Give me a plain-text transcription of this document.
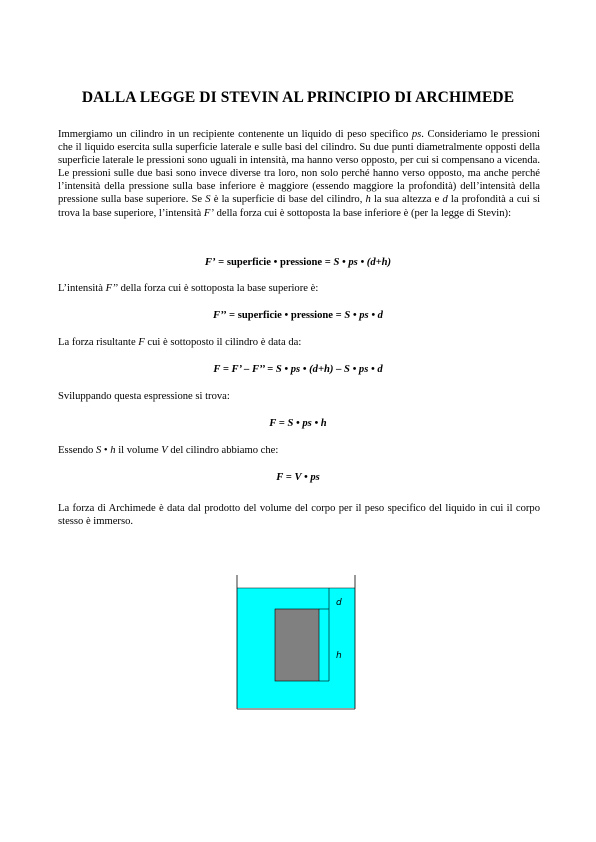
DALLA LEGGE DI STEVIN AL PRINCIPIO DI ARCHIMEDE

Immergiamo un cilindro in un recipiente contenente un liquido di peso specifico ps. Consideriamo le pressioni che il liquido esercita sulla superficie laterale e sulle basi del cilindro. Su due punti diametralmente opposti della superficie laterale le pressioni sono uguali in intensità, ma hanno verso opposto, per cui si compensano a vicenda. Le pressioni sulle due basi sono invece diverse tra loro, non solo perché hanno verso opposto, ma anche perché l’intensità della pressione sulla base inferiore è maggiore (essendo maggiore la profondità) dell’intensità della pressione sulla base superiore. Se S è la superficie di base del cilindro, h la sua altezza e d la profondità a cui si trova la base superiore, l’intensità F’ della forza cui è sottoposta la base inferiore è (per la legge di Stevin):

F’ = superficie • pressione = S • ps • (d+h)
L’intensità F’’ della forza cui è sottoposta la base superiore è:
F’’ = superficie • pressione = S • ps • d
La forza risultante F cui è sottoposto il cilindro è data da:
F = F’ – F’’ = S • ps • (d+h) – S • ps • d
Sviluppando questa espressione si trova:
F = S • ps • h
Essendo S • h il volume V del cilindro abbiamo che:
F = V • ps

La forza di Archimede è data dal prodotto del volume del corpo per il peso specifico del liquido in cui il corpo stesso è immerso.

d
h
